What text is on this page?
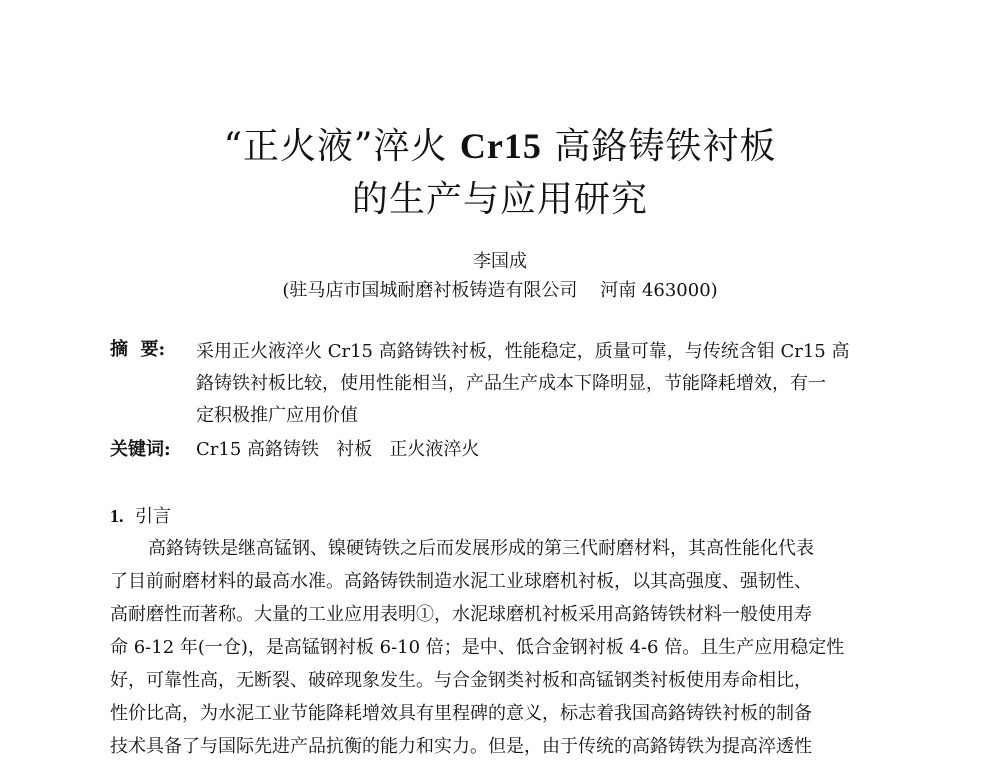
“正火液”淬火 Cr15 高鉻铸铁衬板
的生产与应用研究
李国成
(驻马店市国城耐磨衬板铸造有限公司    河南 463000)
摘  要: 采用正火液淬火 Cr15 高鉻铸铁衬板，性能稳定，质量可靠，与传统含钼 Cr15 高
鉻铸铁衬板比较，使用性能相当，产品生产成本下降明显，节能降耗增效，有一
定积极推广应用价值

关键词: Cr15 高鉻铸铁   衬板   正火液淬火
1. 引言

高鉻铸铁是继高锰钢、镍硬铸铁之后而发展形成的第三代耐磨材料，其高性能化代表
了目前耐磨材料的最高水准。高鉻铸铁制造水泥工业球磨机衬板，以其高强度、强韧性、
高耐磨性而著称。大量的工业应用表明①，水泥球磨机衬板采用高鉻铸铁材料一般使用寿
命 6-12 年(一仓)，是高锰钢衬板 6-10 倍；是中、低合金钢衬板 4-6 倍。且生产应用稳定性
好，可靠性高，无断裂、破碎现象发生。与合金钢类衬板和高锰钢类衬板使用寿命相比，
性价比高，为水泥工业节能降耗增效具有里程碑的意义，标志着我国高鉻铸铁衬板的制备
技术具备了与国际先进产品抗衡的能力和实力。但是，由于传统的高鉻铸铁为提高淬透性
